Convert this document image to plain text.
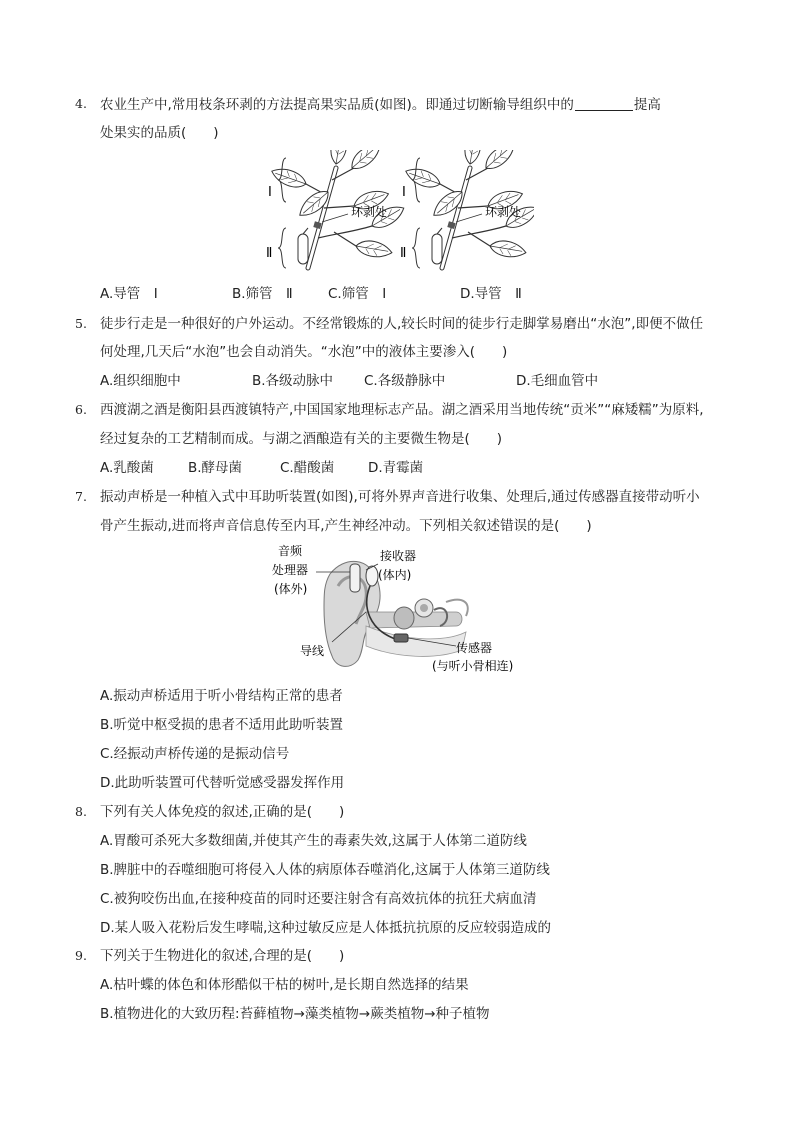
4. 农业生产中,常用枝条环剥的方法提高果实品质(如图)。即通过切断输导组织中的	提高
处果实的品质(　　)
Ⅰ
Ⅱ
环剥处
Ⅰ
Ⅱ
环剥处
A.导管　Ⅰ	B.筛管　Ⅱ	C.筛管　Ⅰ	D.导管　Ⅱ
5. 徒步行走是一种很好的户外运动。不经常锻炼的人,较长时间的徒步行走脚掌易磨出“水泡”,即便不做任
何处理,几天后“水泡”也会自动消失。“水泡”中的液体主要渗入(　　)
A.组织细胞中	B.各级动脉中 C.各级静脉中	D.毛细血管中
6. 西渡湖之酒是衡阳县西渡镇特产,中国国家地理标志产品。湖之酒采用当地传统“贡米”“麻矮糯”为原料,
经过复杂的工艺精制而成。与湖之酒酿造有关的主要微生物是(　　)
A.乳酸菌	B.酵母菌	C.醋酸菌	D.青霉菌
7. 振动声桥是一种植入式中耳助听装置(如图),可将外界声音进行收集、处理后,通过传感器直接带动听小
骨产生振动,进而将声音信息传至内耳,产生神经冲动。下列相关叙述错误的是(　　)
音频
处理器
(体外)
接收器
(体内)
导线	传感器
(与听小骨相连)
A.振动声桥适用于听小骨结构正常的患者
B.听觉中枢受损的患者不适用此助听装置
C.经振动声桥传递的是振动信号
D.此助听装置可代替听觉感受器发挥作用
8. 下列有关人体免疫的叙述,正确的是(　　)
A.胃酸可杀死大多数细菌,并使其产生的毒素失效,这属于人体第二道防线
B.脾脏中的吞噬细胞可将侵入人体的病原体吞噬消化,这属于人体第三道防线
C.被狗咬伤出血,在接种疫苗的同时还要注射含有高效抗体的抗狂犬病血清
D.某人吸入花粉后发生哮喘,这种过敏反应是人体抵抗抗原的反应较弱造成的
9. 下列关于生物进化的叙述,合理的是(　　)
A.枯叶蝶的体色和体形酷似干枯的树叶,是长期自然选择的结果
B.植物进化的大致历程:苔藓植物→藻类植物→蕨类植物→种子植物
